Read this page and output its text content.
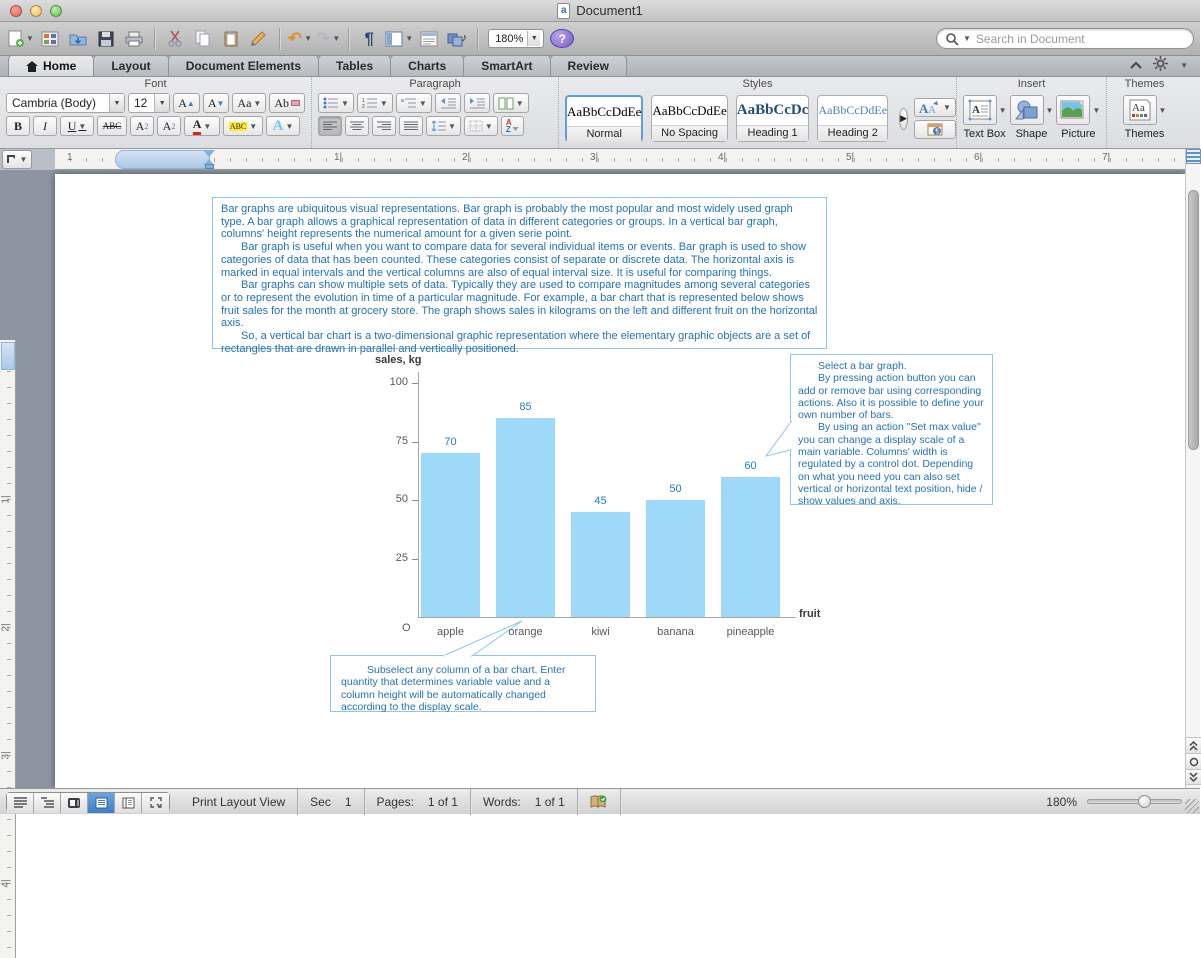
a Document1
▼	↶ ▼ ↷ ▼ ¶	▼	♪	180%	▼ ?	▼
Search in Document
Home	Layout	Document Elements	Tables	Charts	SmartArt	Review	▼
Font
Cambria (Body)	▼	12	▼ A ▲ A ▼ Aa ▼ Ab
B I U ▼ ABC A 2 A 2 A ▼ ABC ▼ A ▼
Paragraph
▼	1
2 ▼	a ▼	▼
▼	▼ A
Z
Styles
AaBbCcDdEe
Normal
AaBbCcDdEe
No Spacing
AaBbCcDc
Heading 1
AaBbCcDdEe
Heading 2
▶
A A ▼
¶
Insert
A ▼
Text Box
▼
Shape
▼
Picture
Themes
Aa ▼
Themes
▼	1	1|	2|	3|	4|	5|	6|	7|
1|
2|
3|
4|

Bar graphs are ubiquitous visual representations. Bar graph is probably the most popular and most widely used graph type. A bar graph allows a graphical representation of data in different categories or groups. In a vertical bar graph, columns' height represents the numerical amount for a given serie point.

Bar graph is useful when you want to compare data for several individual items or events. Bar graph is used to show categories of data that has been counted. These categories consist of separate or discrete data. The horizontal axis is marked in equal intervals and the vertical columns are also of equal interval size. It is useful for comparing things.

Bar graphs can show multiple sets of data. Typically they are used to compare magnitudes among several categories or to represent the evolution in time of a particular magnitude. For example, a bar chart that is represented below shows fruit sales for the month at grocery store. The graph shows sales in kilograms on the left and different fruit on the horizontal axis.

So, a vertical bar chart is a two-dimensional graphic representation where the elementary graphic objects are a set of rectangles that are drawn in parallel and vertically positioned.

sales, kg
O
fruit

Select a bar graph.

By pressing action button you can add or remove bar using corresponding actions. Also it is possible to define your own number of bars.

By using an action "Set max value" you can change a display scale of a main variable. Columns' width is regulated by a control dot. Depending on what you need you can also set vertical or horizontal text position, hide / show values and axis.

Subselect any column of a bar chart. Enter quantity that determines variable value and a column height will be automatically changed according to the display scale.
25
50
75
100
70
apple
85
orange
45
kiwi
50
banana
60
pineapple
Print Layout View Sec 1 Pages: 1 of 1 Words: 1 of 1	180%
